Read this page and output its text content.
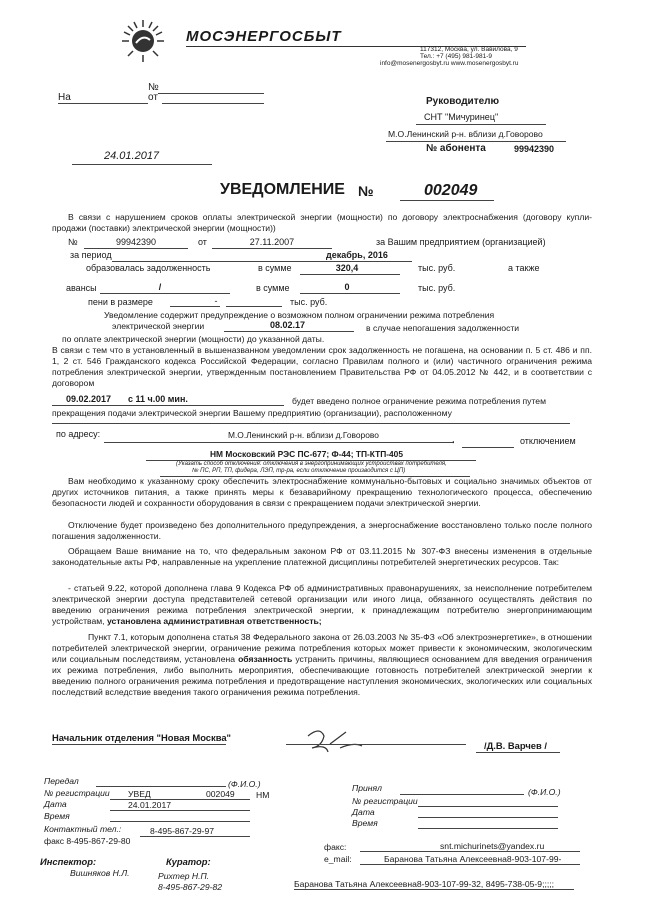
МОСЭНЕРГОСБЫТ
117312, Москва, ул. Вавилова, 9
Тел.: +7 (495) 981-981-9
info@mosenergosbyt.ru www.mosenergosbyt.ru
№
На	от
24.01.2017
Руководителю
СНТ "Мичуринец"
М.О.Ленинский р-н. вблизи д.Говорово
№ абонента	99942390
УВЕДОМЛЕНИЕ №	002049
В связи с нарушением сроков оплаты электрической энергии (мощности) по договору электроснабжения (договору купли-продажи (поставки) электрической энергии (мощности))
№	99942390	от	27.11.2007	за Вашим предприятием (организацией)
за период	декабрь, 2016
образовалась задолженность	в сумме	320,4	тыс. руб.	а также
авансы	/	в сумме	0	тыс. руб.
пени в размере	-	тыс. руб.
Уведомление содержит предупреждение о возможном полном ограничении режима потребления
электрической энергии	08.02.17	в случае непогашения задолженности
по оплате электрической энергии (мощности) до указанной даты.
В связи с тем что в установленный в вышеназванном уведомлении срок задолженность не погашена, на основании п. 5 ст. 486 и пп. 1, 2 ст. 546 Гражданского кодекса Российской Федерации, согласно Правилам полного и (или) частичного ограничения режима потребления электрической энергии, утвержденным постановлением Правительства РФ от 04.05.2012 № 442, и в соответствии с договором
09.02.2017 с 11 ч.00 мин.	будет введено полное ограничение режима потребления путем
прекращения подачи электрической энергии Вашему предприятию (организации), расположенному
по адресу:	М.О.Ленинский р-н. вблизи д.Говорово	,	отключением
НМ Московский РЭС ПС-677; Ф-44; ТП-КТП-405
(Указать способ отключения: отключения в энергопринимающих устройствах потребителя,
№ ПС, РП, ТП, фидера, ЛЭП, тр-ра, если отключение производится с ЦП)
Вам необходимо к указанному сроку обеспечить электроснабжение коммунально-бытовых и социально значимых объектов от других источников питания, а также принять меры к безаварийному прекращению технологического процесса, обеспечению безопасности людей и сохранности оборудования в связи с прекращением подачи электрической энергии.
Отключение будет произведено без дополнительного предупреждения, а энергоснабжение восстановлено только после полного погашения задолженности.
Обращаем Ваше внимание на то, что федеральным законом РФ от 03.11.2015 № 307-ФЗ внесены изменения в отдельные законодательные акты РФ, направленные на укрепление платежной дисциплины потребителей энергетических ресурсов. Так:
- статьей 9.22, которой дополнена глава 9 Кодекса РФ об административных правонарушениях, за неисполнение потребителем электрической энергии доступа представителей сетевой организации или иного лица, обязанного осуществлять действия по введению ограничения режима потребления электрической энергии, к принадлежащим потребителю энергопринимающим устройствам, установлена административная ответственность;
Пункт 7.1, которым дополнена статья 38 Федерального закона от 26.03.2003 № 35-ФЗ «Об электроэнергетике», в отношении потребителей электрической энергии, ограничение режима потребления которых может привести к экономическим, экологическим или социальным последствиям, установлена обязанность устранить причины, являющиеся основанием для введения ограничения их режима потребления, либо выполнить мероприятия, обеспечивающие готовность потребителей электрической энергии к введению полного ограничения режима потребления и предотвращение наступления экономических, экологических или социальных последствий вследствие введения такого ограничения режима потребления.
Начальник отделения "Новая Москва"
/Д.В. Варчев /
Передал	(Ф.И.О.)
№ регистрации УВЕД	002049 НМ
Дата	24.01.2017
Время
Контактный тел.:	8-495-867-29-97
факс 8-495-867-29-80
Инспектор:
Вишняков Н.Л.
Куратор:
Рихтер Н.П.
8-495-867-29-82
Принял	(Ф.И.О.)
№ регистрации
Дата
Время
факс:	snt.michurinets@yandex.ru
e_mail:	Баранова Татьяна Алексеевна8-903-107-99-
Баранова Татьяна Алексеевна8-903-107-99-32, 8495-738-05-9;;;;;
